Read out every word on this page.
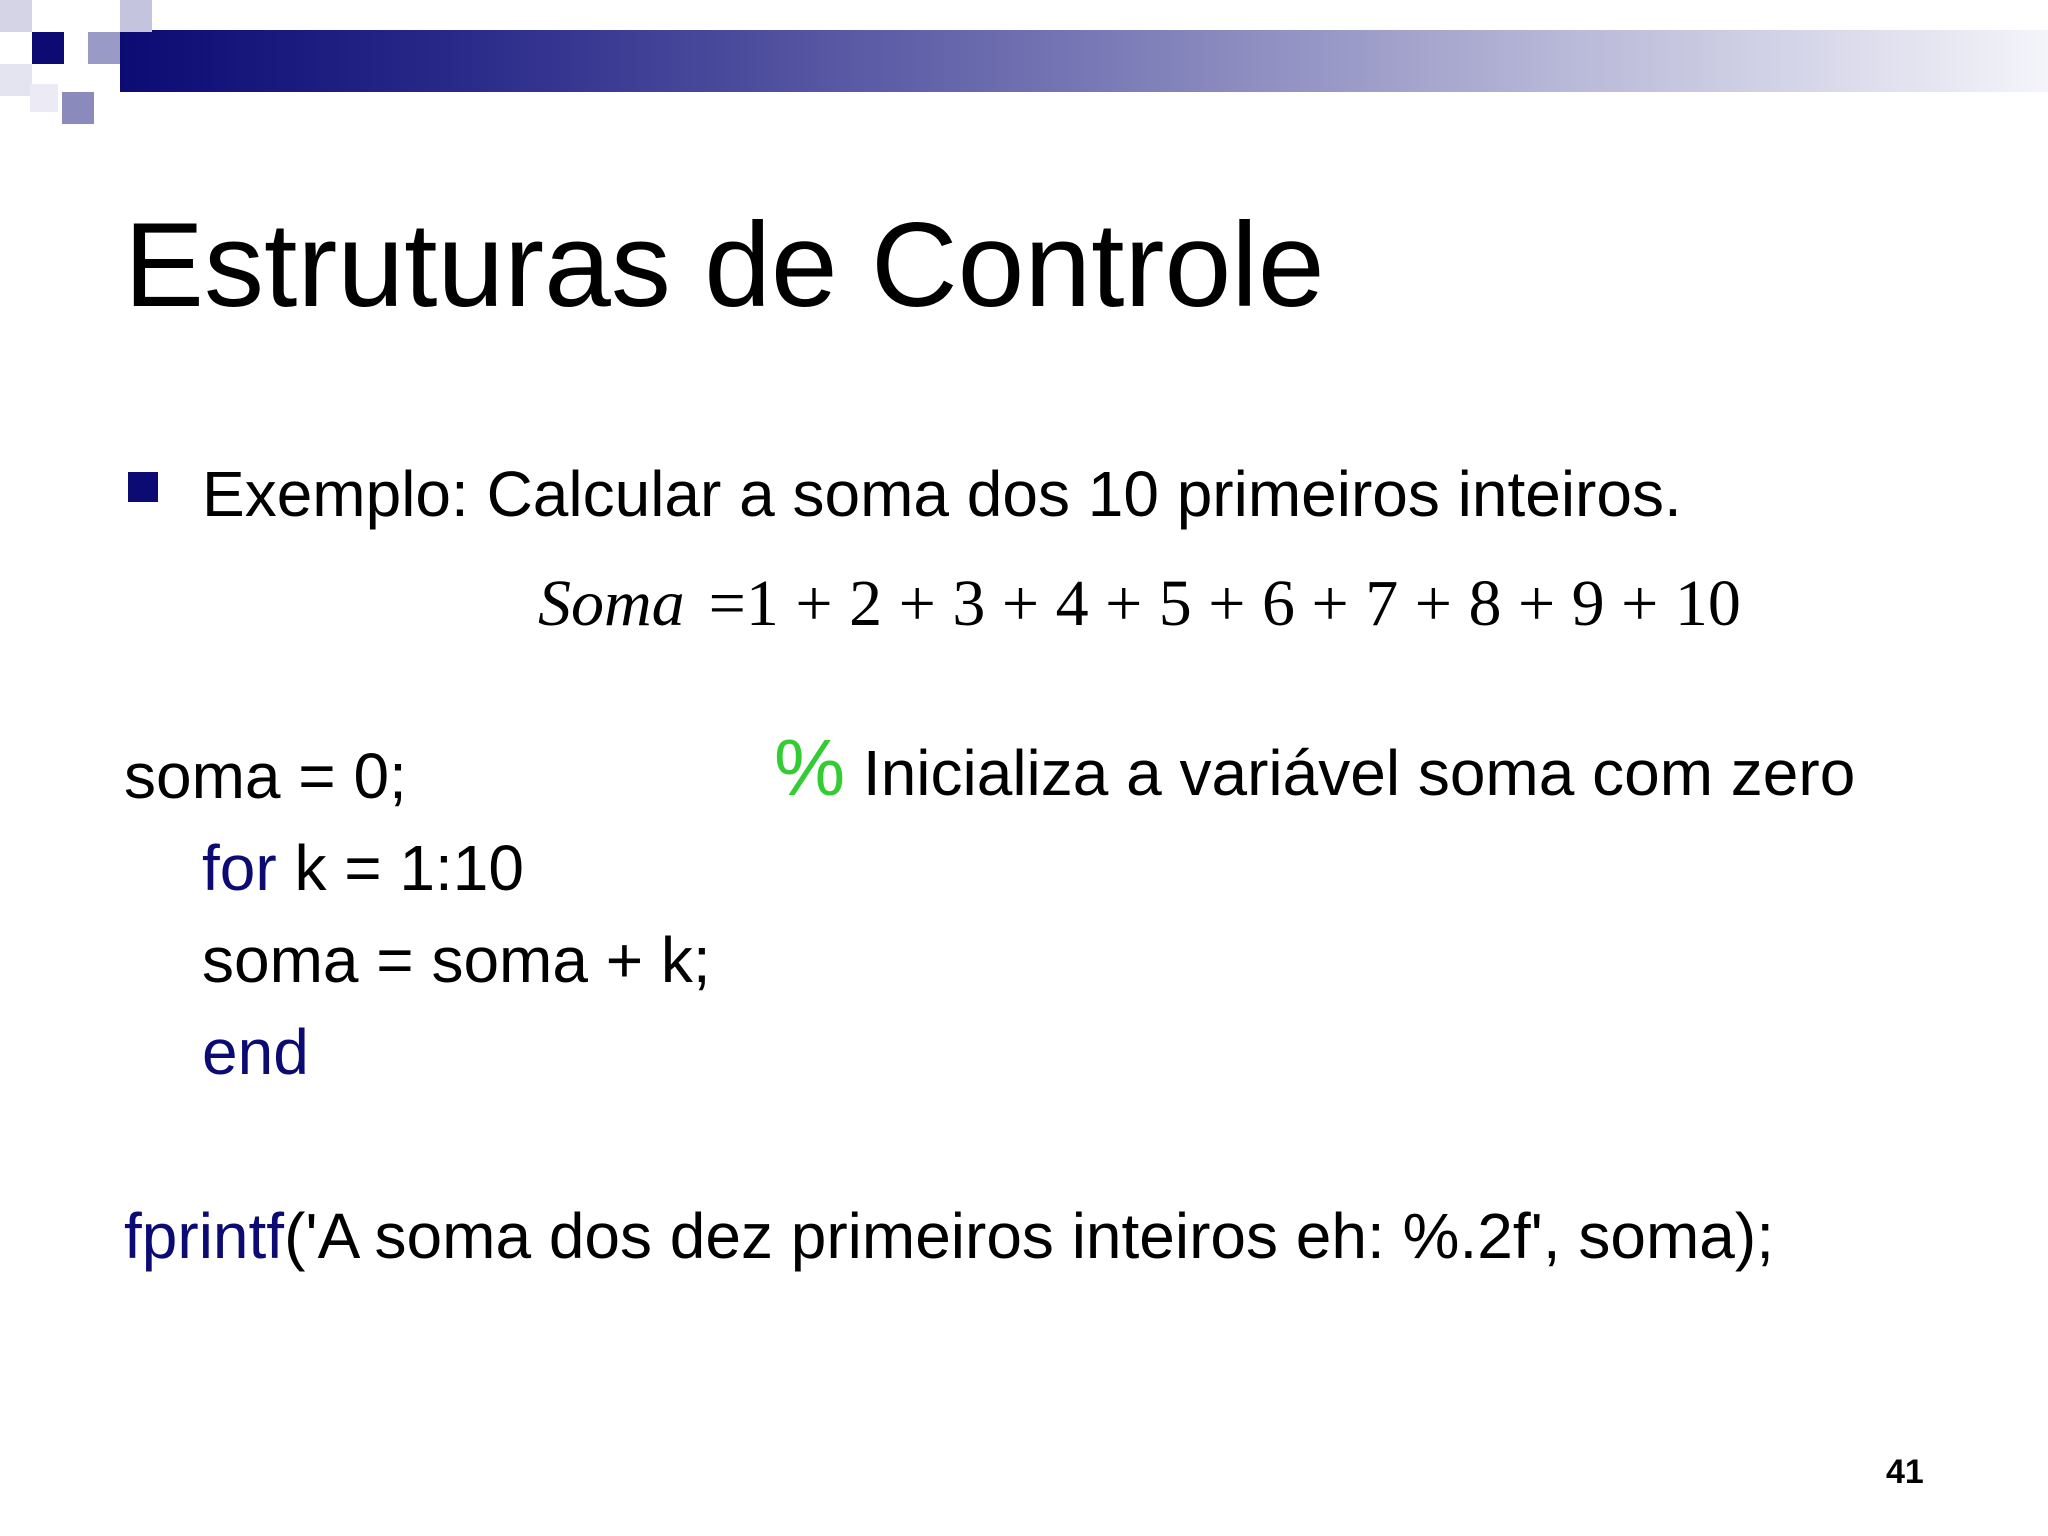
Estruturas de Controle
Exemplo: Calcular a soma dos 10 primeiros inteiros.
Soma =1 + 2 + 3 + 4 + 5 + 6 + 7 + 8 + 9 + 10
soma = 0;	% Inicializa a variável soma com zero
for k = 1:10
soma = soma + k;
end
fprintf('A soma dos dez primeiros inteiros eh: %.2f', soma);
41
